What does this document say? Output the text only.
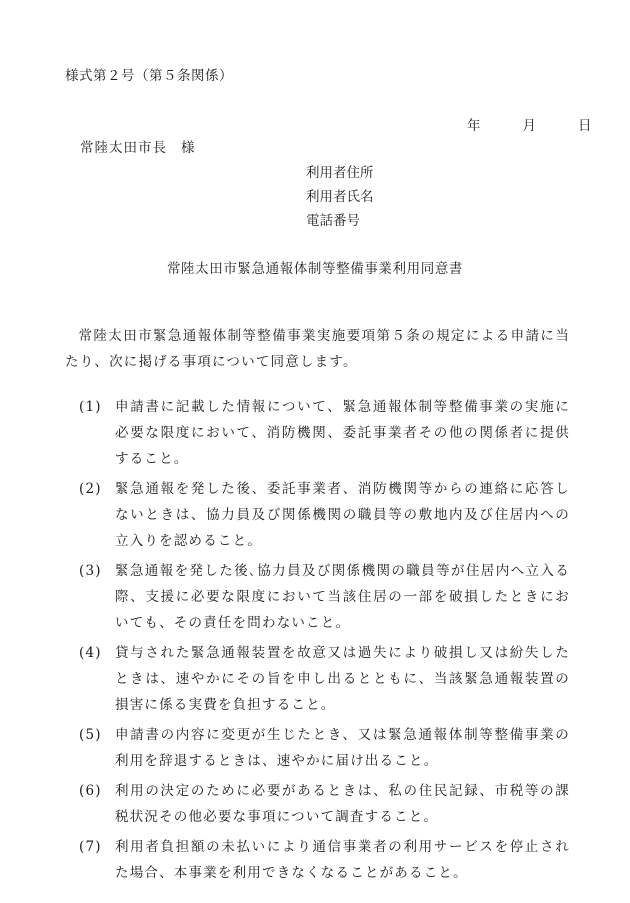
様式第２号（第５条関係）
年	月	日
常陸太田市長 様
利用者住所
利用者氏名
電話番号
常陸太田市緊急通報体制等整備事業利用同意書

常陸太田市緊急通報体制等整備事業実施要項第５条の規定による申請に当たり、次に掲げる事項について同意します。

(1) 申請書に記載した情報について、緊急通報体制等整備事業の実施に必要な限度において、消防機関、委託事業者その他の関係者に提供すること。
(2) 緊急通報を発した後、委託事業者、消防機関等からの連絡に応答しないときは、協力員及び関係機関の職員等の敷地内及び住居内への立入りを認めること。
(3) 緊急通報を発した後､協力員及び関係機関の職員等が住居内へ立入る際、支援に必要な限度において当該住居の一部を破損したときにおいても、その責任を問わないこと。
(4) 貸与された緊急通報装置を故意又は過失により破損し又は紛失したときは、速やかにその旨を申し出るとともに、当該緊急通報装置の損害に係る実費を負担すること。
(5) 申請書の内容に変更が生じたとき、又は緊急通報体制等整備事業の利用を辞退するときは、速やかに届け出ること。
(6) 利用の決定のために必要があるときは、私の住民記録、市税等の課税状況その他必要な事項について調査すること。
(7) 利用者負担額の未払いにより通信事業者の利用サービスを停止された場合、本事業を利用できなくなることがあること。
